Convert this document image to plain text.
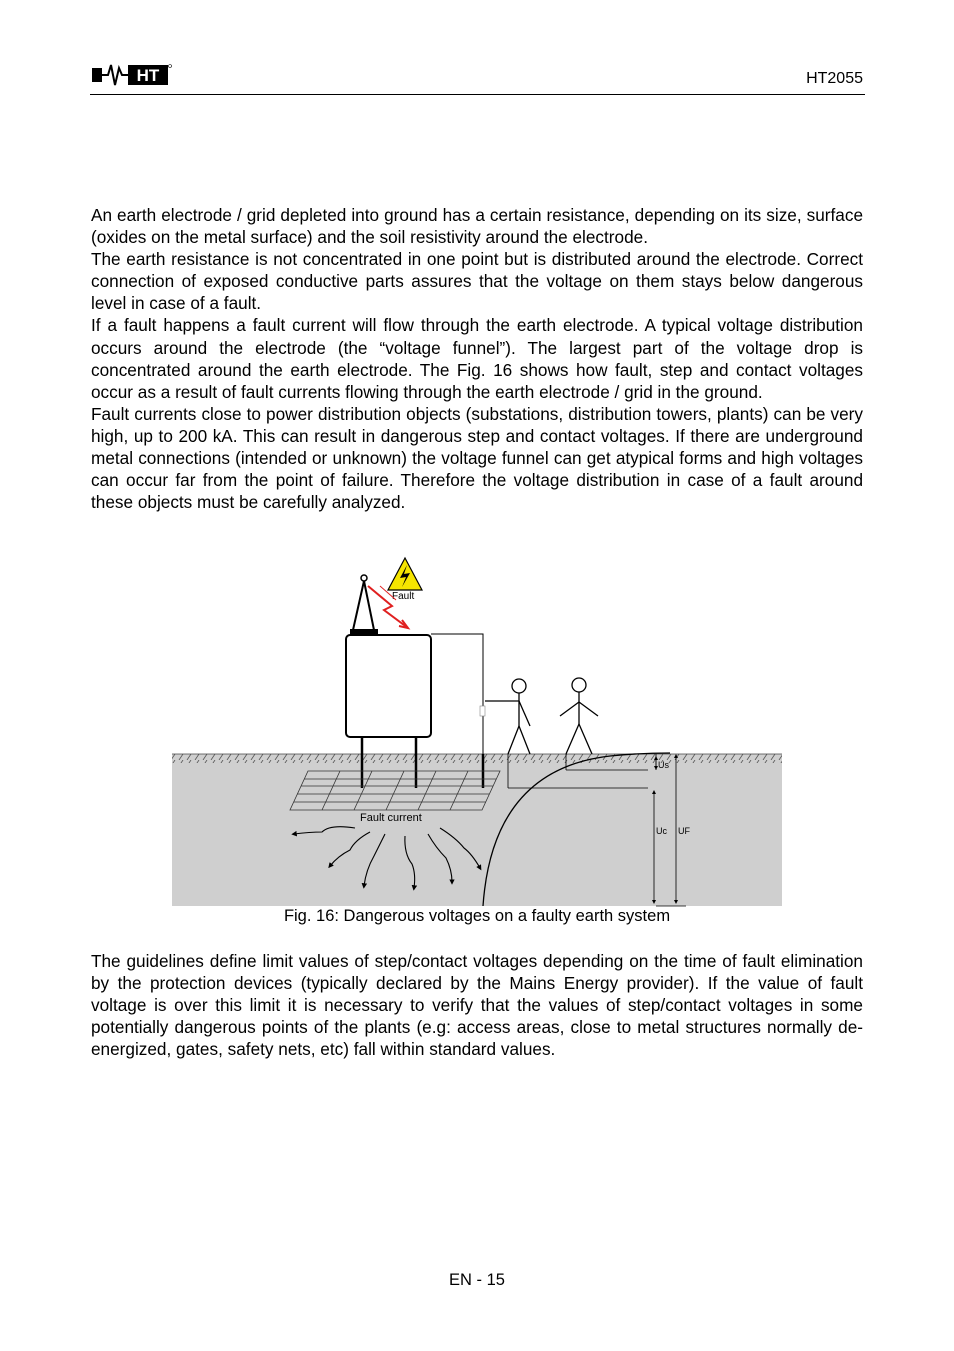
HT	HT2055
An earth electrode / grid depleted into ground has a certain resistance, depending on its size, surface (oxides on the metal surface) and the soil resistivity around the electrode.
The earth resistance is not concentrated in one point but is distributed around the electrode. Correct connection of exposed conductive parts assures that the voltage on them stays below dangerous level in case of a fault.
If a fault happens a fault current will flow through the earth electrode. A typical voltage distribution occurs around the electrode (the “voltage funnel”). The largest part of the voltage drop is concentrated around the earth electrode. The Fig. 16 shows how fault, step and contact voltages occur as a result of fault currents flowing through the earth electrode / grid in the ground.
Fault currents close to power distribution objects (substations, distribution towers, plants) can be very high, up to 200 kA. This can result in dangerous step and contact voltages. If there are underground metal connections (intended or unknown) the voltage funnel can get atypical forms and high voltages can occur far from the point of failure. Therefore the voltage distribution in case of a fault around these objects must be carefully analyzed.
Fault
Fault current
Us
Uc UF
Fig. 16: Dangerous voltages on a faulty earth system

The guidelines define limit values of step/contact voltages depending on the time of fault elimination by the protection devices (typically declared by the Mains Energy provider). If the value of fault voltage is over this limit it is necessary to verify that the values of step/contact voltages in some potentially dangerous points of the plants (e.g: access areas, close to metal structures normally de-energized, gates, safety nets, etc) fall within standard values.

EN - 15
